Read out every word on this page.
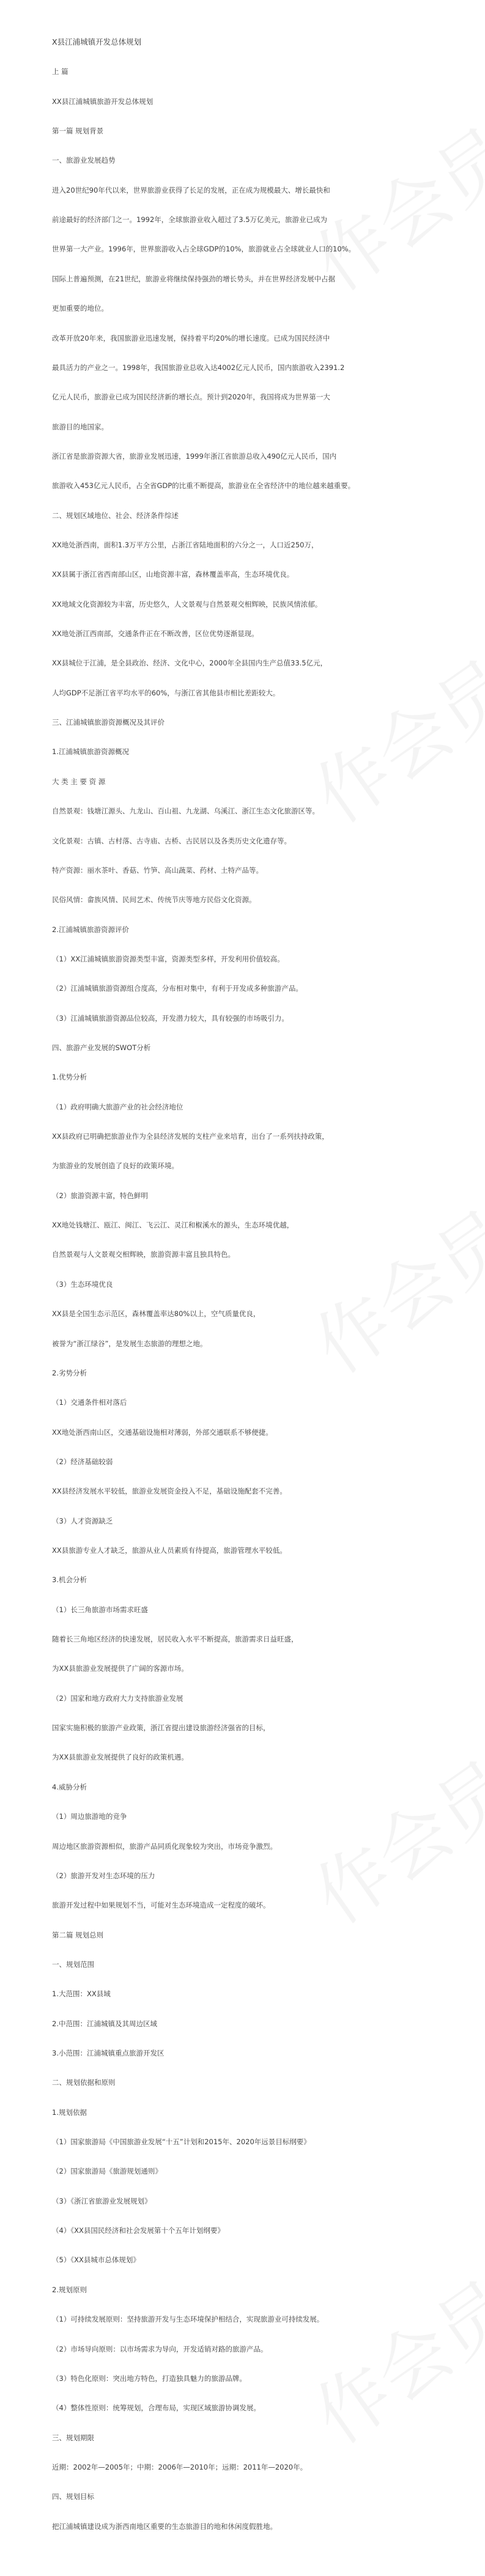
X县江浦城镇开发总体规划
上 篇
XX县江浦城镇旅游开发总体规划
第一篇 规划背景
一、旅游业发展趋势
进入20世纪90年代以来，世界旅游业获得了长足的发展，正在成为规模最大、增长最快和
前途最好的经济部门之一。1992年，全球旅游业收入超过了3.5万亿美元，旅游业已成为
世界第一大产业。1996年，世界旅游收入占全球GDP的10%，旅游就业占全球就业人口的10%。
国际上普遍预测，在21世纪，旅游业将继续保持强劲的增长势头，并在世界经济发展中占据
更加重要的地位。
改革开放20年来，我国旅游业迅速发展，保持着平均20%的增长速度。已成为国民经济中
最具活力的产业之一。1998年，我国旅游业总收入达4002亿元人民币，国内旅游收入2391.2
亿元人民币，旅游业已成为国民经济新的增长点。预计到2020年，我国将成为世界第一大
旅游目的地国家。
浙江省是旅游资源大省，旅游业发展迅速，1999年浙江省旅游总收入490亿元人民币，国内
旅游收入453亿元人民币，占全省GDP的比重不断提高，旅游业在全省经济中的地位越来越重要。
二、规划区域地位、社会、经济条件综述
XX地处浙西南，面积1.3万平方公里，占浙江省陆地面积的六分之一，人口近250万，
XX县属于浙江省西南部山区，山地资源丰富，森林覆盖率高，生态环境优良。
XX地域文化资源较为丰富，历史悠久，人文景观与自然景观交相辉映，民族风情浓郁。
XX地处浙江西南部，交通条件正在不断改善，区位优势逐渐显现。
XX县城位于江浦，是全县政治、经济、文化中心，2000年全县国内生产总值33.5亿元，
人均GDP不足浙江省平均水平的60%，与浙江省其他县市相比差距较大。
三、江浦城镇旅游资源概况及其评价
1.江浦城镇旅游资源概况
大 类 主 要 资 源
自然景观：钱塘江源头、九龙山、百山祖、九龙湖、乌溪江、浙江生态文化旅游区等。
文化景观：古镇、古村落、古寺庙、古桥、古民居以及各类历史文化遗存等。
特产资源：丽水茶叶、香菇、竹笋、高山蔬菜、药材、土特产品等。
民俗风情：畲族风情、民间艺术、传统节庆等地方民俗文化资源。
2.江浦城镇旅游资源评价
（1）XX江浦城镇旅游资源类型丰富，资源类型多样，开发利用价值较高。
（2）江浦城镇旅游资源组合度高，分布相对集中，有利于开发成多种旅游产品。
（3）江浦城镇旅游资源品位较高，开发潜力较大，具有较强的市场吸引力。
四、旅游产业发展的SWOT分析
1.优势分析
（1）政府明确大旅游产业的社会经济地位
XX县政府已明确把旅游业作为全县经济发展的支柱产业来培育，出台了一系列扶持政策，
为旅游业的发展创造了良好的政策环境。
（2）旅游资源丰富，特色鲜明
XX地处钱塘江、瓯江、闽江、飞云江、灵江和椒溪水的源头，生态环境优越，
自然景观与人文景观交相辉映，旅游资源丰富且独具特色。
（3）生态环境优良
XX县是全国生态示范区，森林覆盖率达80%以上，空气质量优良，
被誉为“浙江绿谷”，是发展生态旅游的理想之地。
2.劣势分析
（1）交通条件相对落后
XX地处浙西南山区，交通基础设施相对薄弱，外部交通联系不够便捷。
（2）经济基础较弱
XX县经济发展水平较低，旅游业发展资金投入不足，基础设施配套不完善。
（3）人才资源缺乏
XX县旅游专业人才缺乏，旅游从业人员素质有待提高，旅游管理水平较低。
3.机会分析
（1）长三角旅游市场需求旺盛
随着长三角地区经济的快速发展，居民收入水平不断提高，旅游需求日益旺盛，
为XX县旅游业发展提供了广阔的客源市场。
（2）国家和地方政府大力支持旅游业发展
国家实施积极的旅游产业政策，浙江省提出建设旅游经济强省的目标，
为XX县旅游业发展提供了良好的政策机遇。
4.威胁分析
（1）周边旅游地的竞争
周边地区旅游资源相似，旅游产品同质化现象较为突出，市场竞争激烈。
（2）旅游开发对生态环境的压力
旅游开发过程中如果规划不当，可能对生态环境造成一定程度的破坏。
第二篇 规划总则
一、规划范围
1.大范围：XX县域
2.中范围：江浦城镇及其周边区域
3.小范围：江浦城镇重点旅游开发区
二、规划依据和原则
1.规划依据
（1）国家旅游局《中国旅游业发展“十五”计划和2015年、2020年远景目标纲要》
（2）国家旅游局《旅游规划通则》
（3）《浙江省旅游业发展规划》
（4）《XX县国民经济和社会发展第十个五年计划纲要》
（5）《XX县城市总体规划》
2.规划原则
（1）可持续发展原则：坚持旅游开发与生态环境保护相结合，实现旅游业可持续发展。
（2）市场导向原则：以市场需求为导向，开发适销对路的旅游产品。
（3）特色化原则：突出地方特色，打造独具魅力的旅游品牌。
（4）整体性原则：统筹规划，合理布局，实现区域旅游协调发展。
三、规划期限
近期：2002年—2005年；中期：2006年—2010年；远期：2011年—2020年。
四、规划目标
把江浦城镇建设成为浙西南地区重要的生态旅游目的地和休闲度假胜地。
